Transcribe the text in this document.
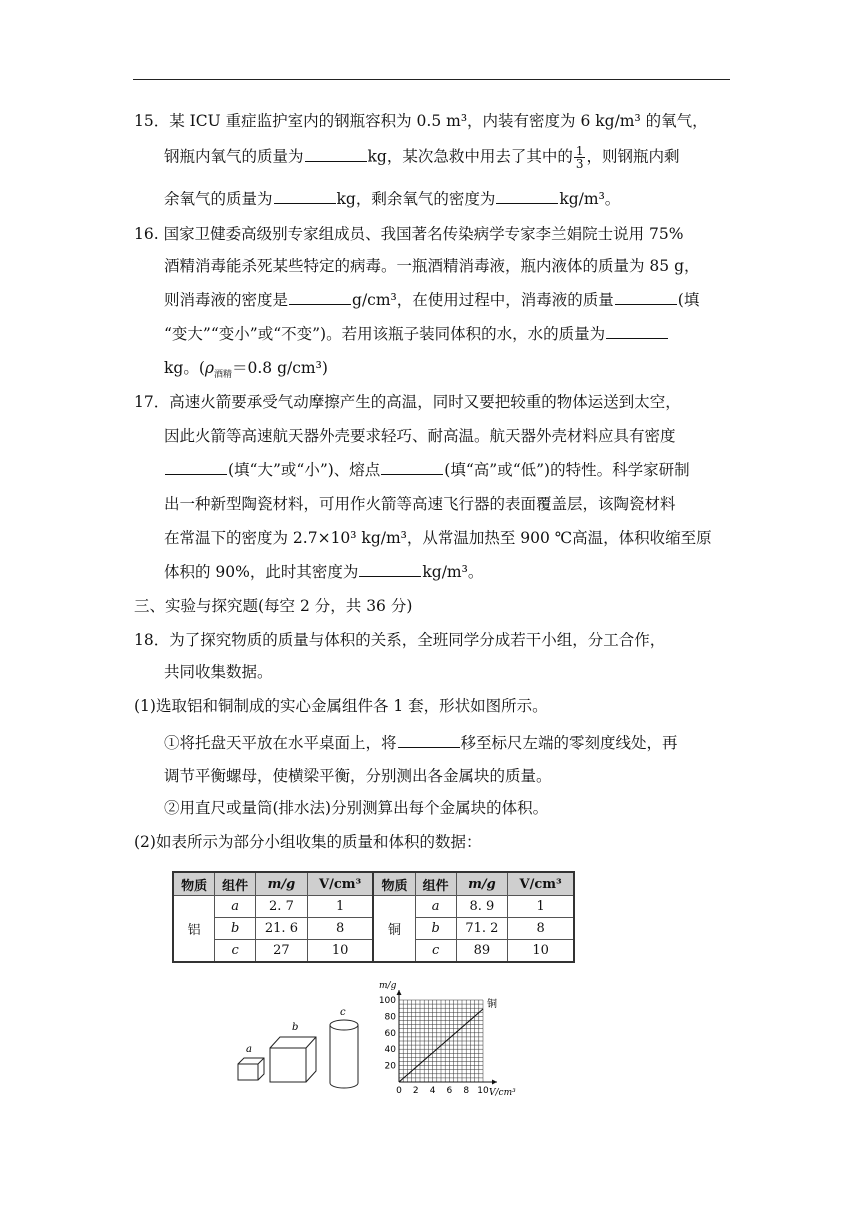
15．某 ICU 重症监护室内的钢瓶容积为 0.5 m³，内装有密度为 6 kg/m³ 的氧气，
钢瓶内氧气的质量为	kg，某次急救中用去了其中的 $\frac{1}{3}$ ，则钢瓶内剩
余氧气的质量为	kg，剩余氧气的密度为	kg/m³。
16. 国家卫健委高级别专家组成员、我国著名传染病学专家李兰娟院士说用 75%
酒精消毒能杀死某些特定的病毒。一瓶酒精消毒液，瓶内液体的质量为 85 g，
则消毒液的密度是	g/cm³，在使用过程中，消毒液的质量	(填
“变大”“变小”或“不变”)。若用该瓶子装同体积的水，水的质量为
kg。($\rho_{酒精}=0.8$ g/cm³)
17．高速火箭要承受气动摩擦产生的高温，同时又要把较重的物体运送到太空，
因此火箭等高速航天器外壳要求轻巧、耐高温。航天器外壳材料应具有密度
(填“大”或“小”)、熔点	(填“高”或“低”)的特性。科学家研制
出一种新型陶瓷材料，可用作火箭等高速飞行器的表面覆盖层，该陶瓷材料
在常温下的密度为 2.7×10³ kg/m³，从常温加热至 900 ℃高温，体积收缩至原
体积的 90%，此时其密度为	kg/m³。
三、实验与探究题(每空 2 分，共 36 分)
18．为了探究物质的质量与体积的关系，全班同学分成若干小组，分工合作，
共同收集数据。
(1)选取铝和铜制成的实心金属组件各 1 套，形状如图所示。
①将托盘天平放在水平桌面上，将	移至标尺左端的零刻度线处，再
调节平衡螺母，使横梁平衡，分别测出各金属块的质量。
②用直尺或量筒(排水法)分别测算出每个金属块的体积。
(2)如表所示为部分小组收集的质量和体积的数据：
物质	组件	m/g	V/cm³	物质	组件	m/g	V/cm³
铝	a	2. 7	1	铜	a	8. 9	1
	b	21. 6	8		b	71. 2	8
	c	27	10		c	89	10
a
b
c
0 2 4 6 8 10
20
40
60
80
100
V/cm³
m/g
铜
